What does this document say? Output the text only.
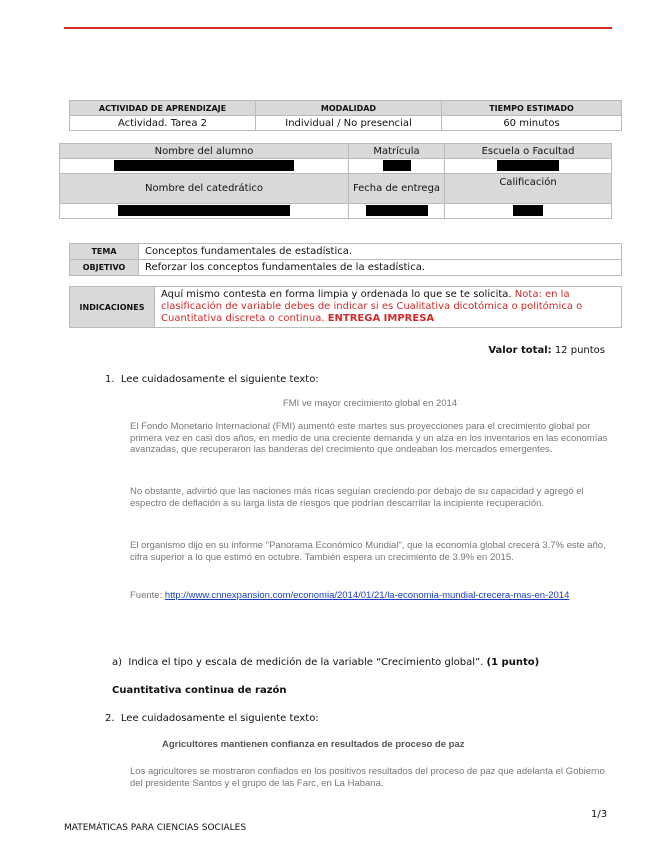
ACTIVIDAD DE APRENDIZAJE	MODALIDAD	TIEMPO ESTIMADO
Actividad. Tarea 2	Individual / No presencial	60 minutos
Nombre del alumno	Matrícula	Escuela o Facultad

Nombre del catedrático	Fecha de entrega	Calificación

TEMA	Conceptos fundamentales de estadística.
OBJETIVO	Reforzar los conceptos fundamentales de la estadística.
INDICACIONES	Aquí mismo contesta en forma limpia y ordenada lo que se te solicita. Nota: en la clasificación de variable debes de indicar si es Cualitativa dicotómica o politómica o Cuantitativa discreta o continua. ENTREGA IMPRESA
Valor total: 12 puntos
1. Lee cuidadosamente el siguiente texto:
FMI ve mayor crecimiento global en 2014
El Fondo Monetario Internacional (FMI) aumentó este martes sus proyecciones para el crecimiento global por primera vez en casi dos años, en medio de una creciente demanda y un alza en los inventarios en las economías avanzadas, que recuperaron las banderas del crecimiento que ondeaban los mercados emergentes.
No obstante, advirtió que las naciones más ricas seguían creciendo por debajo de su capacidad y agregó el espectro de deflación a su larga lista de riesgos que podrían descarrilar la incipiente recuperación.
El organismo dijo en su informe "Panorama Económico Mundial", que la economía global crecerá 3.7% este año, cifra superior a lo que estimó en octubre. También espera un crecimiento de 3.9% en 2015.
Fuente: http://www.cnnexpansion.com/economia/2014/01/21/la-economia-mundial-crecera-mas-en-2014
a) Indica el tipo y escala de medición de la variable “Crecimiento global”. (1 punto)
Cuantitativa continua de razón
2. Lee cuidadosamente el siguiente texto:
Agricultores mantienen confianza en resultados de proceso de paz
Los agricultores se mostraron confiados en los positivos resultados del proceso de paz que adelanta el Gobierno del presidente Santos y el grupo de las Farc, en La Habana.
1/3
MATEMÁTICAS PARA CIENCIAS SOCIALES
